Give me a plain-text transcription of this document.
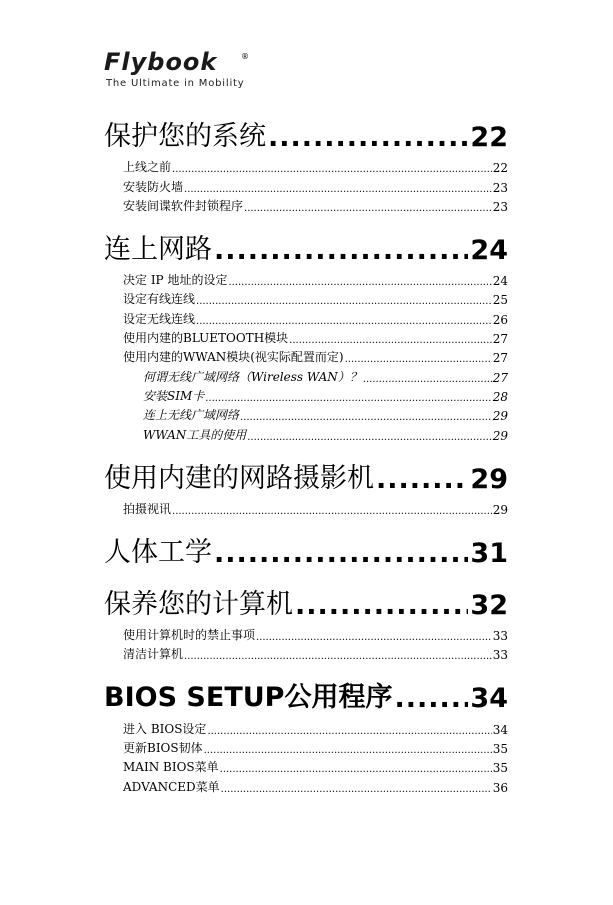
Flybook	®
The Ultimate in Mobility
保护您的系统 .....	22
上线之前 .....	22
安装防火墙 .....	23
安装间谍软件封锁程序 .....	23
连上网路 .....	24
决定 IP 地址的设定 .....	24
设定有线连线 .....	25
设定无线连线 .....	26
使用内建的BLUETOOTH模块 .....	27
使用内建的WWAN模块(视实际配置而定) .....	27
何谓无线广域网络（Wireless WAN）？ .....	27
安装SIM卡 .....	28
连上无线广域网络 .....	29
WWAN工具的使用 .....	29
使用内建的网路摄影机 .....	29
拍摄视讯 .....	29
人体工学 .....	31
保养您的计算机 .....	32
使用计算机时的禁止事项 .....	33
清洁计算机 .....	33
BIOS SETUP公用程序 .....	34
进入 BIOS设定 .....	34
更新BIOS韧体 .....	35
MAIN BIOS菜单 .....	35
ADVANCED菜单 .....	36
